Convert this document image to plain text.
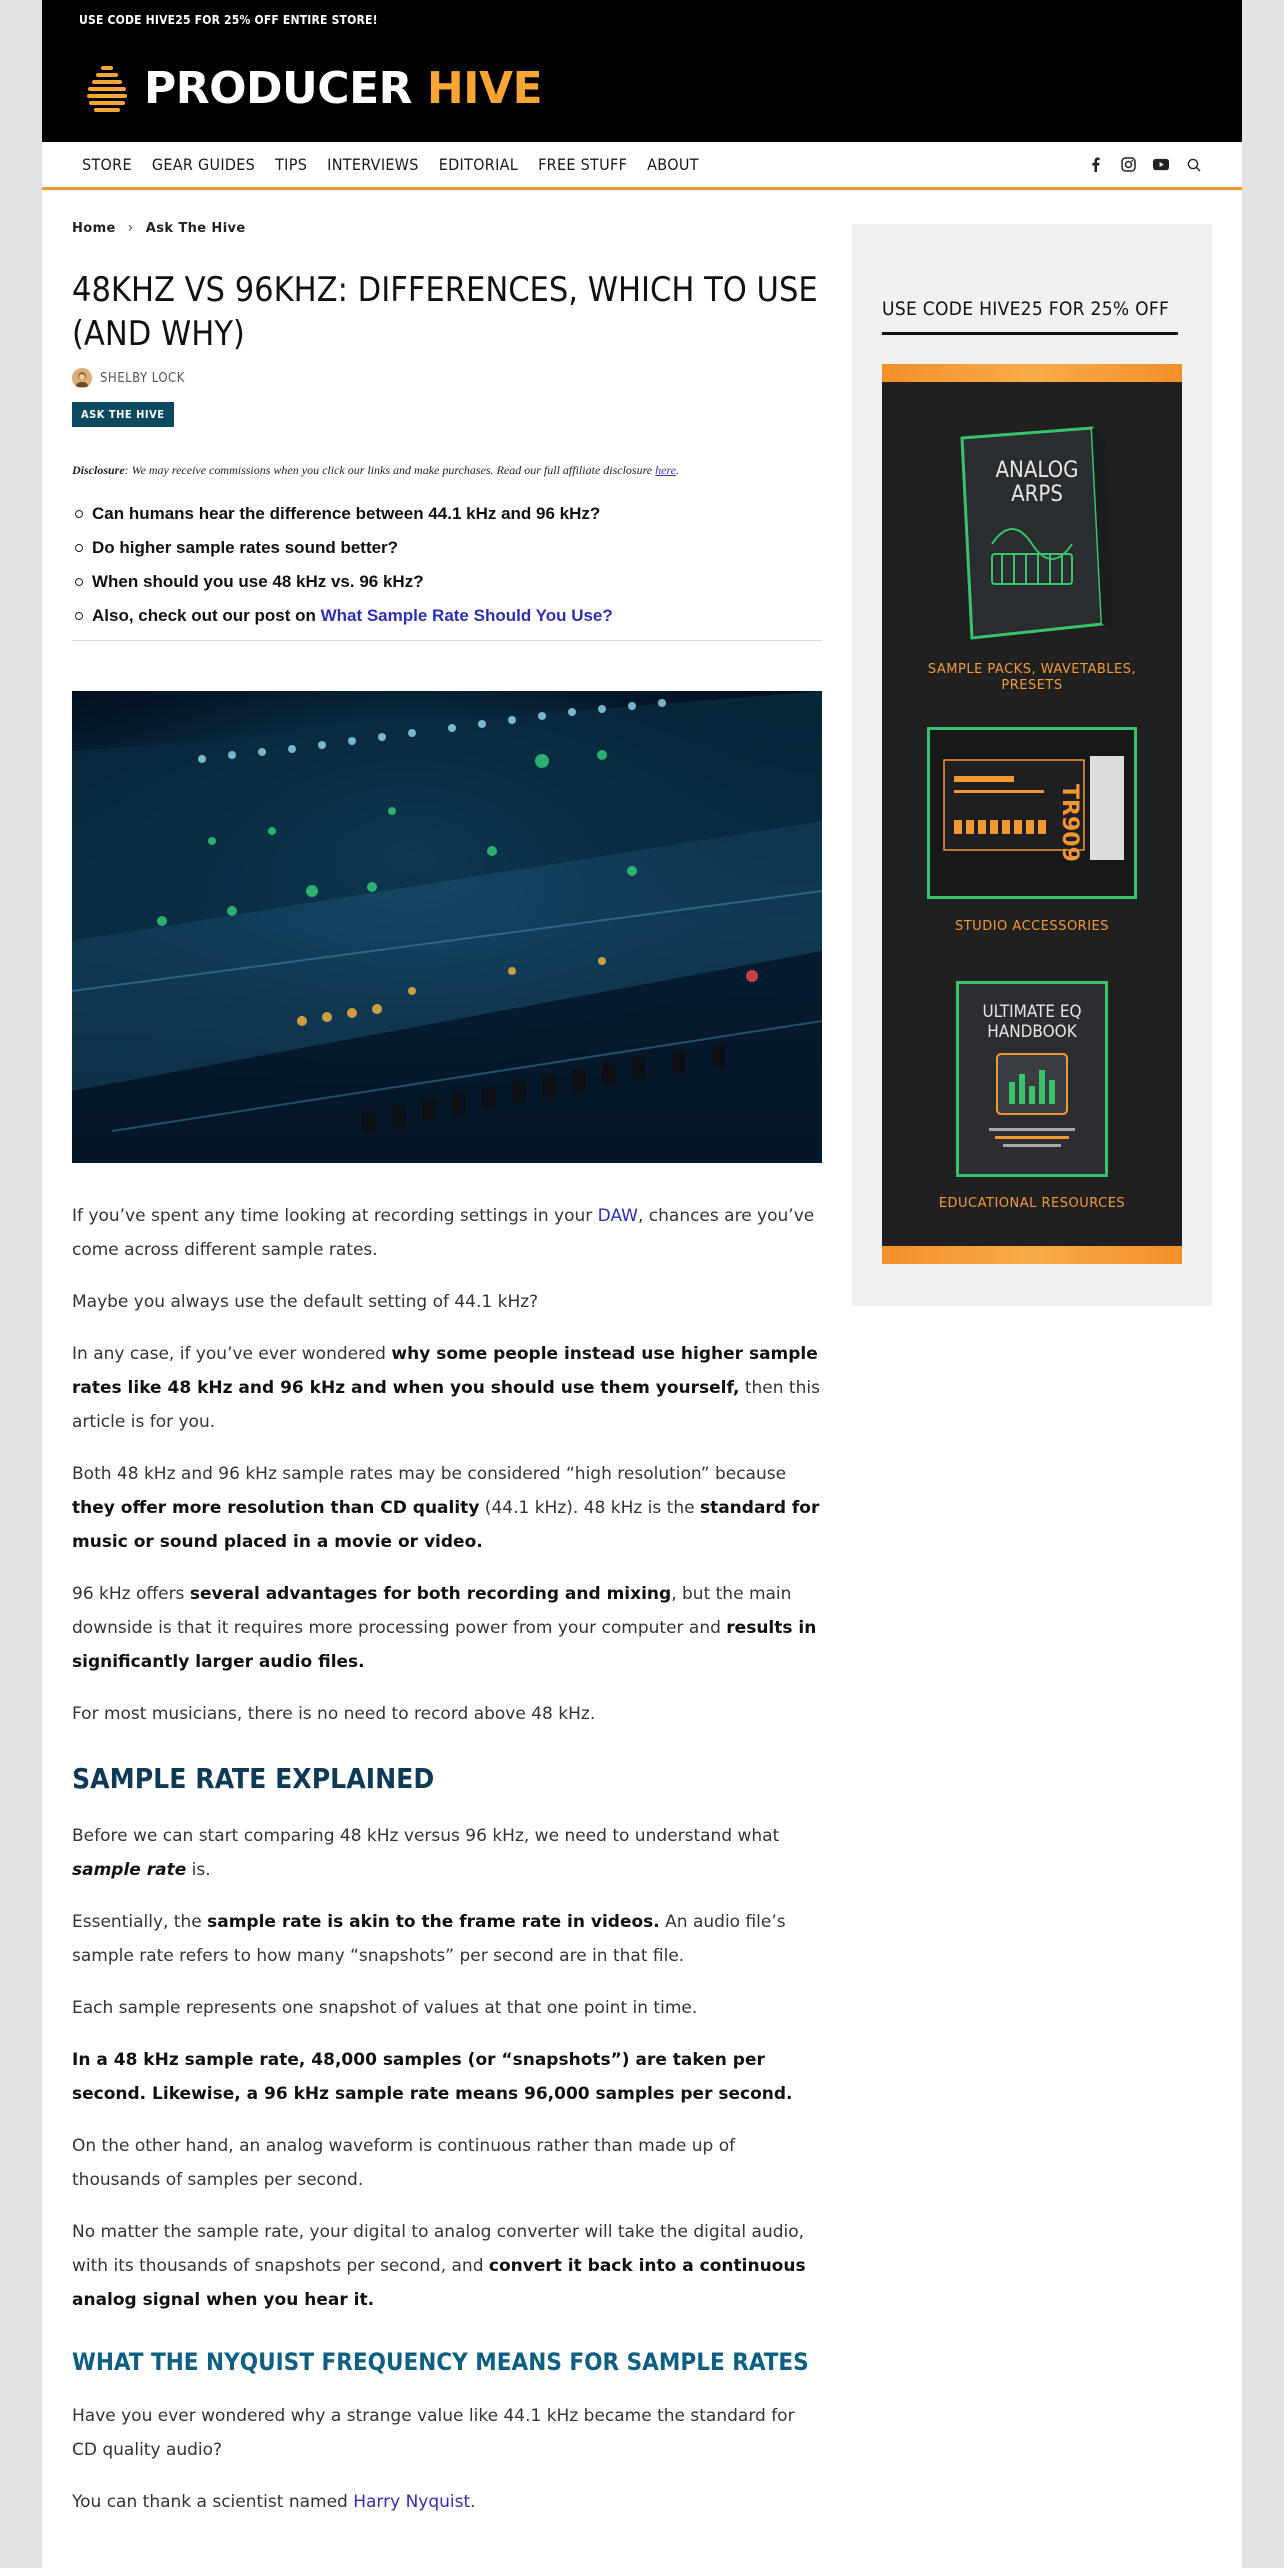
USE CODE HIVE25 FOR 25% OFF ENTIRE STORE!
PRODUCER HIVE
STORE GEAR GUIDES TIPS INTERVIEWS EDITORIAL FREE STUFF ABOUT
Home › Ask The Hive
48KHZ VS 96KHZ: DIFFERENCES, WHICH TO USE (AND WHY)
SHELBY LOCK
ASK THE HIVE

Disclosure: We may receive commissions when you click our links and make purchases. Read our full affiliate disclosure here.

Can humans hear the difference between 44.1 kHz and 96 kHz?
Do higher sample rates sound better?
When should you use 48 kHz vs. 96 kHz?
Also, check out our post on What Sample Rate Should You Use?

If you’ve spent any time looking at recording settings in your DAW, chances are you’ve come across different sample rates.

Maybe you always use the default setting of 44.1 kHz?

In any case, if you’ve ever wondered why some people instead use higher sample rates like 48 kHz and 96 kHz and when you should use them yourself, then this article is for you.

Both 48 kHz and 96 kHz sample rates may be considered “high resolution” because they offer more resolution than CD quality (44.1 kHz). 48 kHz is the standard for music or sound placed in a movie or video.

96 kHz offers several advantages for both recording and mixing, but the main downside is that it requires more processing power from your computer and results in significantly larger audio files.

For most musicians, there is no need to record above 48 kHz.

SAMPLE RATE EXPLAINED

Before we can start comparing 48 kHz versus 96 kHz, we need to understand what sample rate is.

Essentially, the sample rate is akin to the frame rate in videos. An audio file’s sample rate refers to how many “snapshots” per second are in that file.

Each sample represents one snapshot of values at that one point in time.

In a 48 kHz sample rate, 48,000 samples (or “snapshots”) are taken per second. Likewise, a 96 kHz sample rate means 96,000 samples per second.

On the other hand, an analog waveform is continuous rather than made up of thousands of samples per second.

No matter the sample rate, your digital to analog converter will take the digital audio, with its thousands of snapshots per second, and convert it back into a continuous analog signal when you hear it.

WHAT THE NYQUIST FREQUENCY MEANS FOR SAMPLE RATES

Have you ever wondered why a strange value like 44.1 kHz became the standard for CD quality audio?

You can thank a scientist named Harry Nyquist.

USE CODE HIVE25 FOR 25% OFF
ANALOG
ARPS
SAMPLE PACKS, WAVETABLES,
PRESETS
TR909
STUDIO ACCESSORIES
ULTIMATE EQ
HANDBOOK
EDUCATIONAL RESOURCES
